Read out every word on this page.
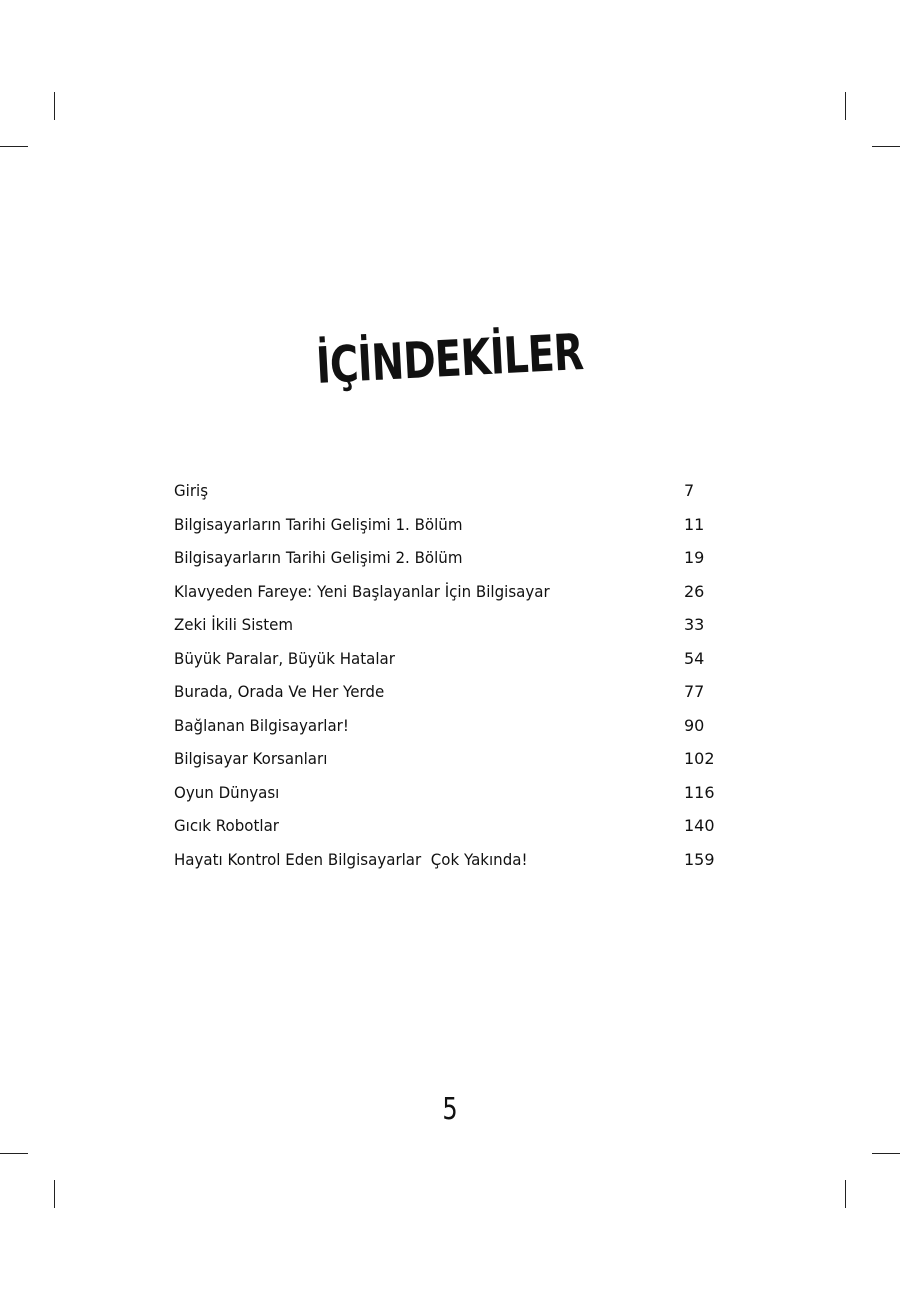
İÇİNDEKİLER
Giriş	7
Bilgisayarların Tarihi Gelişimi 1. Bölüm	11
Bilgisayarların Tarihi Gelişimi 2. Bölüm	19
Klavyeden Fareye: Yeni Başlayanlar İçin Bilgisayar	26
Zeki İkili Sistem	33
Büyük Paralar, Büyük Hatalar	54
Burada, Orada Ve Her Yerde	77
Bağlanan Bilgisayarlar!	90
Bilgisayar Korsanları	102
Oyun Dünyası	116
Gıcık Robotlar	140
Hayatı Kontrol Eden Bilgisayarlar  Çok Yakında!	159
5
